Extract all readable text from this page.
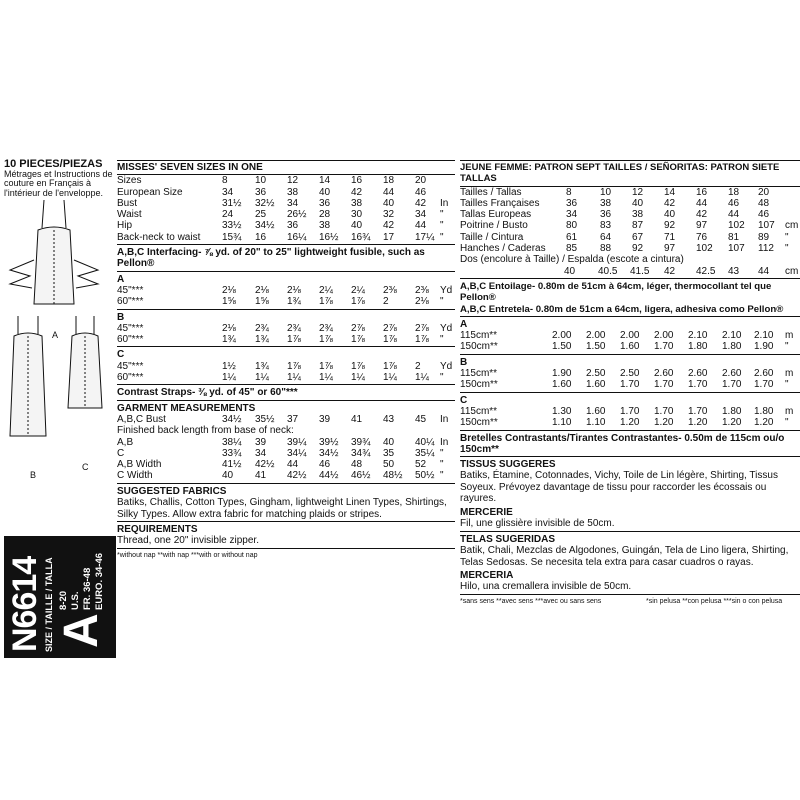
10 PIECES/PIEZAS
Métrages et Instructions de couture en Français à l'intérieur de l'enveloppe.
A
B
C
N6614 SIZE / TAILLE / TALLA A
8-20 U.S. FR. 36-48 EURO. 34-46
MISSES' SEVEN SIZES IN ONE
Sizes	8	10 12 14 16 18 20
European Size	34 36 38 40 42 44 46
Bust	31½ 32½ 34 36 38 40 42 In
Waist	24 25 26½ 28 30 32 34 "
Hip	33½ 34½ 36 38 40 42 44 "
Back-neck to waist 15¾ 16 16¼ 16½ 16¾ 17 17¼ "
A,B,C Interfacing- ⅞ yd. of 20" to 25" lightweight fusible, such as Pellon®
A
45"***	2⅛ 2⅛ 2⅛ 2¼ 2¼ 2⅜ 2⅜ Yd
60"***	1⅝ 1⅝ 1¾ 1⅞ 1⅞ 2	2⅛ "
B
45"***	2⅛ 2¾ 2¾ 2¾ 2⅞ 2⅞ 2⅞ Yd
60"***	1¾ 1¾ 1⅞ 1⅞ 1⅞ 1⅞ 1⅞ "
C
45"***	1½ 1¾ 1⅞ 1⅞ 1⅞ 1⅞ 2 Yd
60"***	1¼ 1¼ 1¼ 1¼ 1¼ 1¼ 1¼ "
Contrast Straps- ⅜ yd. of 45" or 60"***
GARMENT MEASUREMENTS
A,B,C Bust	34½ 35½ 37 39 41 43 45 In
Finished back length from base of neck:
A,B	38¼ 39 39¼ 39½ 39¾ 40 40¼ In
C	33¾ 34 34¼ 34½ 34¾ 35 35¼ "
A,B Width	41½ 42½ 44 46 48 50 52 "
C Width	40 41 42½ 44½ 46½ 48½ 50½ "
SUGGESTED FABRICS
Batiks, Challis, Cotton Types, Gingham, lightweight Linen Types, Shirtings, Silky Types. Allow extra fabric for matching plaids or stripes.
REQUIREMENTS
Thread, one 20" invisible zipper.
*without nap **with nap ***with or without nap
JEUNE FEMME: PATRON SEPT TAILLES / SEÑORITAS: PATRON SIETE TALLAS
Tailles / Tallas	8	10 12 14 16 18 20
Tailles Françaises	36 38 40 42 44 46 48
Tallas Europeas	34 36 38 40 42 44 46
Poitrine / Busto	80 83 87 92 97 102 107 cm
Taille / Cintura	61 64 67 71 76 81 89 "
Hanches / Caderas 85 88 92 97 102 107 112 "
Dos (encolure à Taille) / Espalda (escote a cintura)
40 40.5 41.5 42 42.5 43 44 cm
A,B,C Entoilage- 0.80m de 51cm à 64cm, léger, thermocollant tel que Pellon®
A,B,C Entretela- 0.80m de 51cm a 64cm, ligera, adhesiva como Pellon®
A
115cm**	2.00 2.00 2.00 2.00 2.10 2.10 2.10 m
150cm**	1.50 1.50 1.60 1.70 1.80 1.80 1.90 "
B
115cm**	1.90 2.50 2.50 2.60 2.60 2.60 2.60 m
150cm**	1.60 1.60 1.70 1.70 1.70 1.70 1.70 "
C
115cm**	1.30 1.60 1.70 1.70 1.70 1.80 1.80 m
150cm**	1.10 1.10 1.20 1.20 1.20 1.20 1.20 "
Bretelles Contrastants/Tirantes Contrastantes- 0.50m de 115cm ou/o 150cm**
TISSUS SUGGERES
Batiks, Étamine, Cotonnades, Vichy, Toile de Lin légère, Shirting, Tissus Soyeux. Prévoyez davantage de tissu pour raccorder les écossais ou rayures.
MERCERIE
Fil, une glissière invisible de 50cm.
TELAS SUGERIDAS
Batik, Chali, Mezclas de Algodones, Guingán, Tela de Lino ligera, Shirting, Telas Sedosas. Se necesita tela extra para casar cuadros o rayas.
MERCERIA
Hilo, una cremallera invisible de 50cm.
*sans sens **avec sens ***avec ou sans sens	*sin pelusa **con pelusa ***sin o con pelusa
